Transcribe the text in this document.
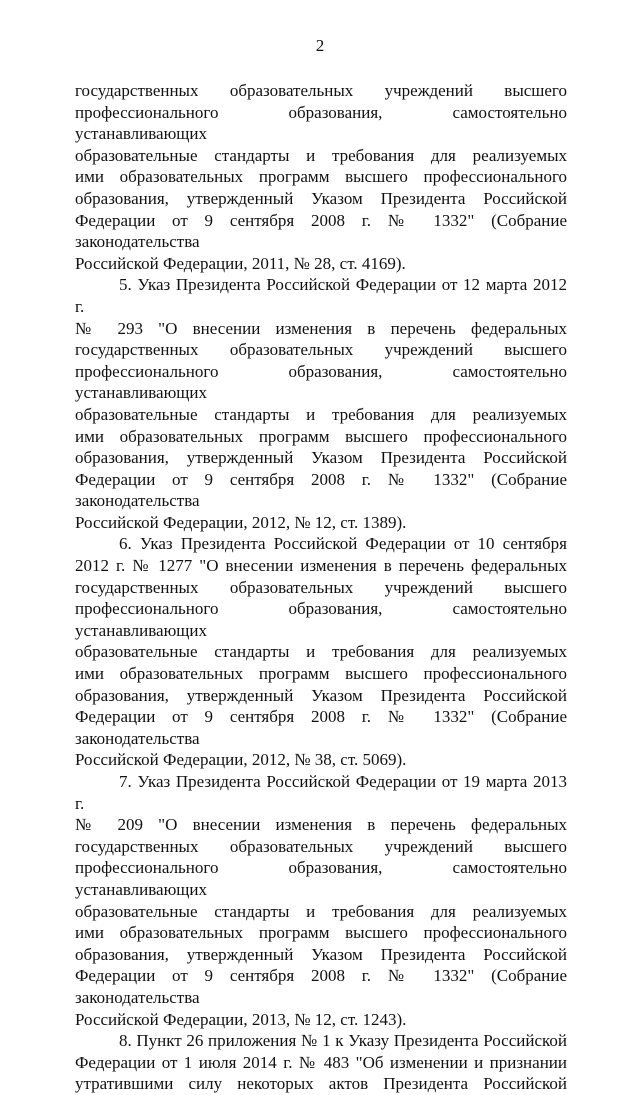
2

государственных образовательных учреждений высшего
профессионального образования, самостоятельно устанавливающих
образовательные стандарты и требования для реализуемых
ими образовательных программ высшего профессионального
образования, утвержденный Указом Президента Российской
Федерации от 9 сентября 2008 г. № 1332" (Собрание законодательства
Российской Федерации, 2011, № 28, ст. 4169).

5. Указ Президента Российской Федерации от 12 марта 2012 г.
№ 293 "О внесении изменения в перечень федеральных
государственных образовательных учреждений высшего
профессионального образования, самостоятельно устанавливающих
образовательные стандарты и требования для реализуемых
ими образовательных программ высшего профессионального
образования, утвержденный Указом Президента Российской
Федерации от 9 сентября 2008 г. № 1332" (Собрание законодательства
Российской Федерации, 2012, № 12, ст. 1389).

6. Указ Президента Российской Федерации от 10 сентября
2012 г. № 1277 "О внесении изменения в перечень федеральных
государственных образовательных учреждений высшего
профессионального образования, самостоятельно устанавливающих
образовательные стандарты и требования для реализуемых
ими образовательных программ высшего профессионального
образования, утвержденный Указом Президента Российской
Федерации от 9 сентября 2008 г. № 1332" (Собрание законодательства
Российской Федерации, 2012, № 38, ст. 5069).

7. Указ Президента Российской Федерации от 19 марта 2013 г.
№ 209 "О внесении изменения в перечень федеральных
государственных образовательных учреждений высшего
профессионального образования, самостоятельно устанавливающих
образовательные стандарты и требования для реализуемых
ими образовательных программ высшего профессионального
образования, утвержденный Указом Президента Российской
Федерации от 9 сентября 2008 г. № 1332" (Собрание законодательства
Российской Федерации, 2013, № 12, ст. 1243).

8. Пункт 26 приложения № 1 к Указу Президента Российской
Федерации от 1 июля 2014 г. № 483 "Об изменении и признании
утратившими силу некоторых актов Президента Российской
